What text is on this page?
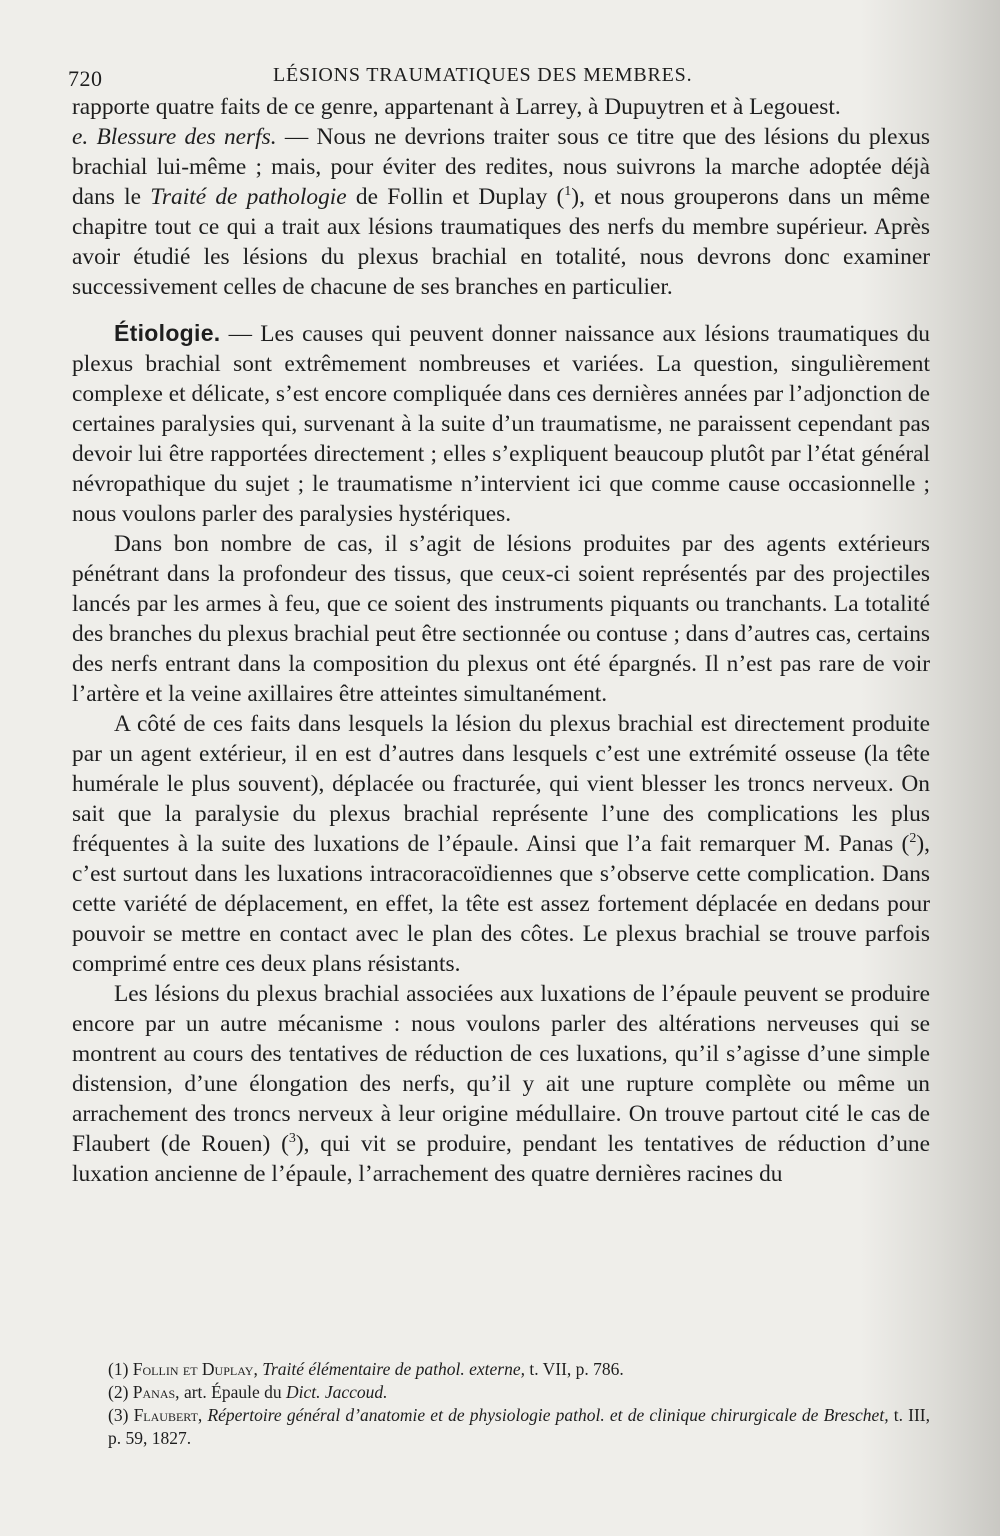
720	LÉSIONS TRAUMATIQUES DES MEMBRES.

rapporte quatre faits de ce genre, appartenant à Larrey, à Dupuytren et à Legouest.

e. Blessure des nerfs. — Nous ne devrions traiter sous ce titre que des lésions du plexus brachial lui-même ; mais, pour éviter des redites, nous suivrons la marche adoptée déjà dans le Traité de pathologie de Follin et Duplay ($^1$), et nous grouperons dans un même chapitre tout ce qui a trait aux lésions traumatiques des nerfs du membre supérieur. Après avoir étudié les lésions du plexus brachial en totalité, nous devrons donc examiner successivement celles de chacune de ses branches en particulier.

Étiologie. — Les causes qui peuvent donner naissance aux lésions traumatiques du plexus brachial sont extrêmement nombreuses et variées. La question, singulièrement complexe et délicate, s’est encore compliquée dans ces dernières années par l’adjonction de certaines paralysies qui, survenant à la suite d’un traumatisme, ne paraissent cependant pas devoir lui être rapportées directement ; elles s’expliquent beaucoup plutôt par l’état général névropathique du sujet ; le traumatisme n’intervient ici que comme cause occasionnelle ; nous voulons parler des paralysies hystériques.

Dans bon nombre de cas, il s’agit de lésions produites par des agents extérieurs pénétrant dans la profondeur des tissus, que ceux-ci soient représentés par des projectiles lancés par les armes à feu, que ce soient des instruments piquants ou tranchants. La totalité des branches du plexus brachial peut être sectionnée ou contuse ; dans d’autres cas, certains des nerfs entrant dans la composition du plexus ont été épargnés. Il n’est pas rare de voir l’artère et la veine axillaires être atteintes simultanément.

A côté de ces faits dans lesquels la lésion du plexus brachial est directement produite par un agent extérieur, il en est d’autres dans lesquels c’est une extrémité osseuse (la tête humérale le plus souvent), déplacée ou fracturée, qui vient blesser les troncs nerveux. On sait que la paralysie du plexus brachial représente l’une des complications les plus fréquentes à la suite des luxations de l’épaule. Ainsi que l’a fait remarquer M. Panas ($^2$), c’est surtout dans les luxations intracoracoïdiennes que s’observe cette complication. Dans cette variété de déplacement, en effet, la tête est assez fortement déplacée en dedans pour pouvoir se mettre en contact avec le plan des côtes. Le plexus brachial se trouve parfois comprimé entre ces deux plans résistants.

Les lésions du plexus brachial associées aux luxations de l’épaule peuvent se produire encore par un autre mécanisme : nous voulons parler des altérations nerveuses qui se montrent au cours des tentatives de réduction de ces luxations, qu’il s’agisse d’une simple distension, d’une élongation des nerfs, qu’il y ait une rupture complète ou même un arrachement des troncs nerveux à leur origine médullaire. On trouve partout cité le cas de Flaubert (de Rouen) ($^3$), qui vit se produire, pendant les tentatives de réduction d’une luxation ancienne de l’épaule, l’arrachement des quatre dernières racines du

(1) Follin et Duplay, Traité élémentaire de pathol. externe, t. VII, p. 786.

(2) Panas, art. Épaule du Dict. Jaccoud.

(3) Flaubert, Répertoire général d’anatomie et de physiologie pathol. et de clinique chirurgicale de Breschet, t. III, p. 59, 1827.
